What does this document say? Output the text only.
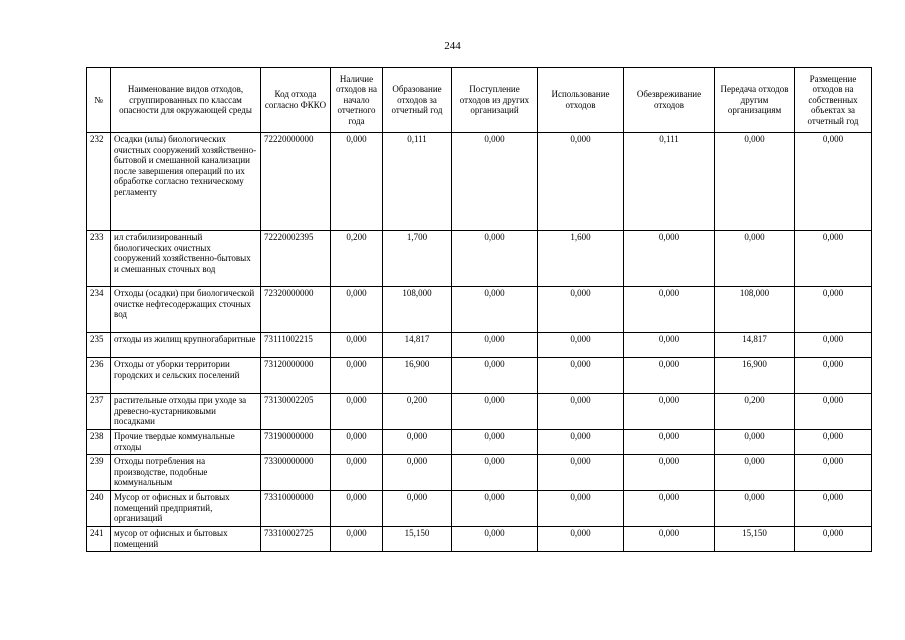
244
№	Наименование видов отходов, сгруппированных по классам опасности для окружающей среды	Код отхода согласно ФККО	Наличие отходов на начало отчетного года	Образование отходов за отчетный год	Поступление отходов из других организаций	Использование отходов	Обезвреживание отходов	Передача отходов другим организациям	Размещение отходов на собственных объектах за отчетный год
232	Осадки (илы) биологических очистных сооружений хозяйственно-бытовой и смешанной канализации после завершения операций по их обработке согласно техническому регламенту	72220000000	0,000	0,111	0,000	0,000	0,111	0,000	0,000
233	ил стабилизированный биологических очистных сооружений хозяйственно-бытовых и смешанных сточных вод	72220002395	0,200	1,700	0,000	1,600	0,000	0,000	0,000
234	Отходы (осадки) при биологической очистке нефтесодержащих сточных вод	72320000000	0,000	108,000	0,000	0,000	0,000	108,000	0,000
235	отходы из жилищ крупногабаритные	73111002215	0,000	14,817	0,000	0,000	0,000	14,817	0,000
236	Отходы от уборки территории городских и сельских поселений	73120000000	0,000	16,900	0,000	0,000	0,000	16,900	0,000
237	растительные отходы при уходе за древесно-кустарниковыми посадками	73130002205	0,000	0,200	0,000	0,000	0,000	0,200	0,000
238	Прочие твердые коммунальные отходы	73190000000	0,000	0,000	0,000	0,000	0,000	0,000	0,000
239	Отходы потребления на производстве, подобные коммунальным	73300000000	0,000	0,000	0,000	0,000	0,000	0,000	0,000
240	Мусор от офисных и бытовых помещений предприятий, организаций	73310000000	0,000	0,000	0,000	0,000	0,000	0,000	0,000
241	мусор от офисных и бытовых помещений	73310002725	0,000	15,150	0,000	0,000	0,000	15,150	0,000
